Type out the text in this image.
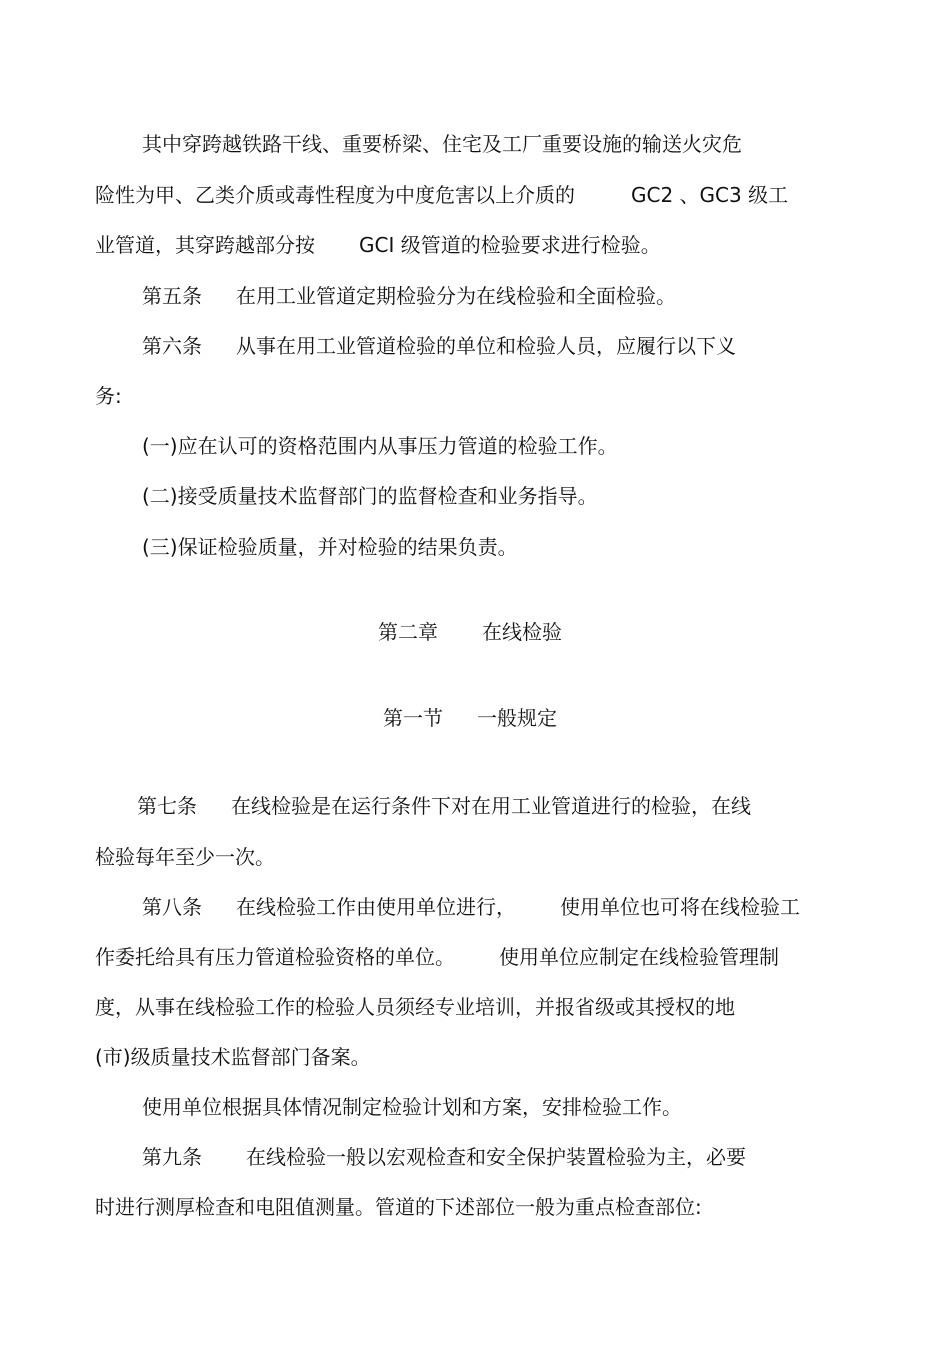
其中穿跨越铁路干线、重要桥梁、住宅及工厂重要设施的输送火灾危
险性为甲、乙类介质或毒性程度为中度危害以上介质的	GC2 、GC3 级工
业管道，其穿跨越部分按 GCI 级管道的检验要求进行检验。
第五条 在用工业管道定期检验分为在线检验和全面检验。
第六条 从事在用工业管道检验的单位和检验人员，应履行以下义
务:
(一)应在认可的资格范围内从事压力管道的检验工作。
(二)接受质量技术监督部门的监督检查和业务指导。
(三)保证检验质量，并对检验的结果负责。
第二章 在线检验
第一节 一般规定
第七条 在线检验是在运行条件下对在用工业管道进行的检验，在线
检验每年至少一次。
第八条 在线检验工作由使用单位进行， 使用单位也可将在线检验工
作委托给具有压力管道检验资格的单位。 使用单位应制定在线检验管理制
度，从事在线检验工作的检验人员须经专业培训，并报省级或其授权的地
(市)级质量技术监督部门备案。
使用单位根据具体情况制定检验计划和方案，安排检验工作。
第九条 在线检验一般以宏观检查和安全保护装置检验为主，必要
时进行测厚检查和电阻值测量。管道的下述部位一般为重点检查部位:
